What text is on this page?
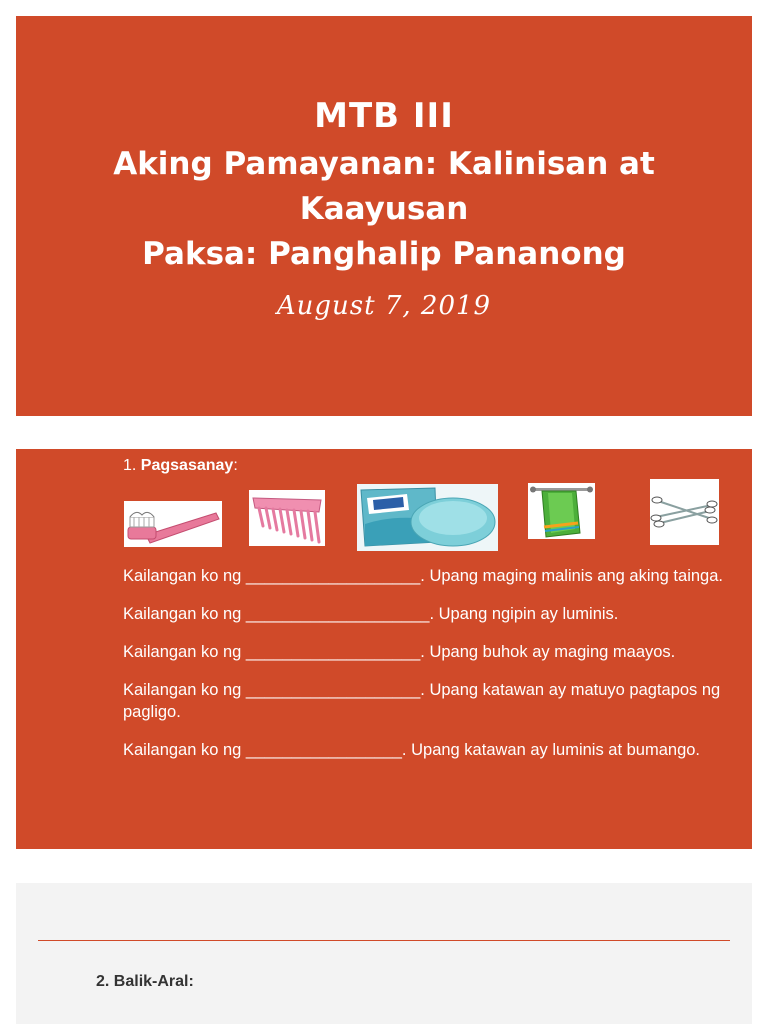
MTB III
Aking Pamayanan: Kalinisan at
Kaayusan
Paksa: Panghalip Pananong
August 7, 2019
1. Pagsasanay:

Kailangan ko ng ___________________. Upang maging malinis ang aking tainga.

Kailangan ko ng ____________________. Upang ngipin ay luminis.

Kailangan ko ng ___________________. Upang buhok ay maging maayos.

Kailangan ko ng ___________________. Upang katawan ay matuyo pagtapos ng pagligo.

Kailangan ko ng _________________. Upang katawan ay luminis at bumango.

2. Balik-Aral:
